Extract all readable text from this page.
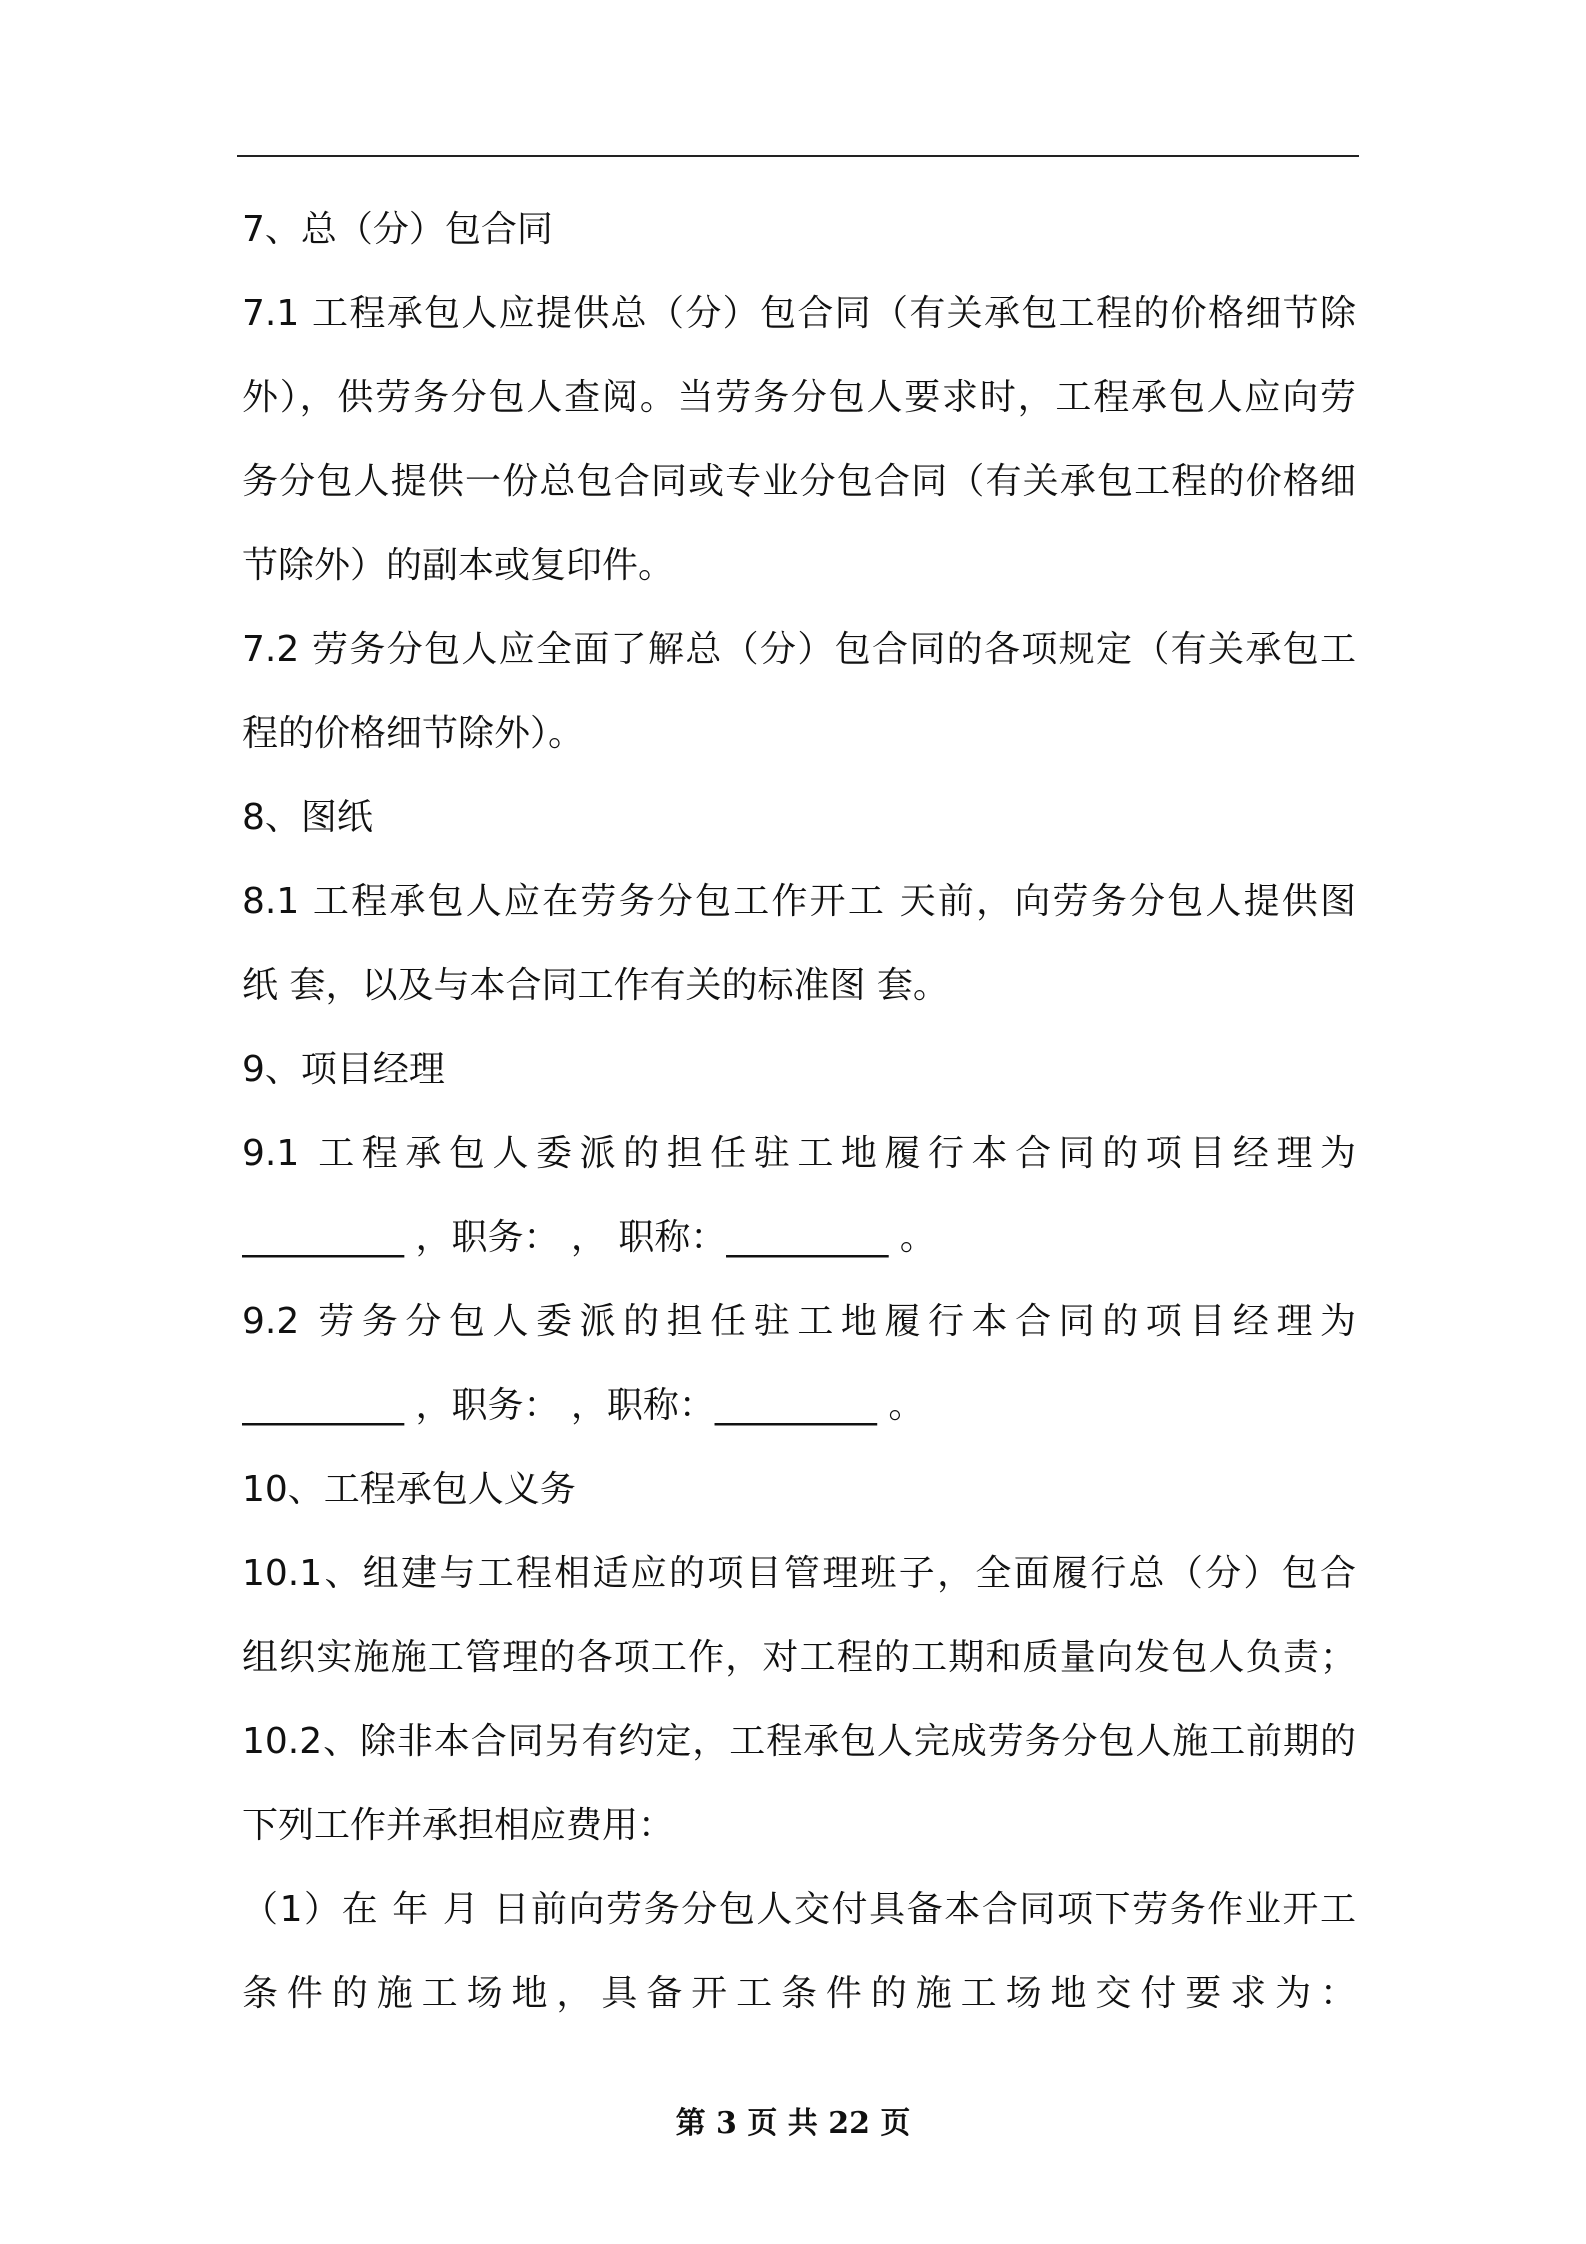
7、总（分）包合同
7.1 工程承包人应提供总（分）包合同（有关承包工程的价格细节除
外），供劳务分包人查阅。当劳务分包人要求时，工程承包人应向劳
务分包人提供一份总包合同或专业分包合同（有关承包工程的价格细
节除外）的副本或复印件。
7.2 劳务分包人应全面了解总（分）包合同的各项规定（有关承包工
程的价格细节除外）。
8、图纸
8.1 工程承包人应在劳务分包工作开工 天前，向劳务分包人提供图
纸 套，以及与本合同工作有关的标准图 套。
9、项目经理
9.1 工程承包人委派的担任驻工地履行本合同的项目经理为
_________ ，职务： ， 职称：_________ 。
9.2 劳务分包人委派的担任驻工地履行本合同的项目经理为
_________ ，职务： ，职称：_________ 。
10、工程承包人义务
10.1、组建与工程相适应的项目管理班子，全面履行总（分）包合
组织实施施工管理的各项工作，对工程的工期和质量向发包人负责；
10.2、除非本合同另有约定，工程承包人完成劳务分包人施工前期的
下列工作并承担相应费用：
（1）在 年 月 日前向劳务分包人交付具备本合同项下劳务作业开工
条件的施工场地，具备开工条件的施工场地交付要求为：
第 3 页 共 22 页
